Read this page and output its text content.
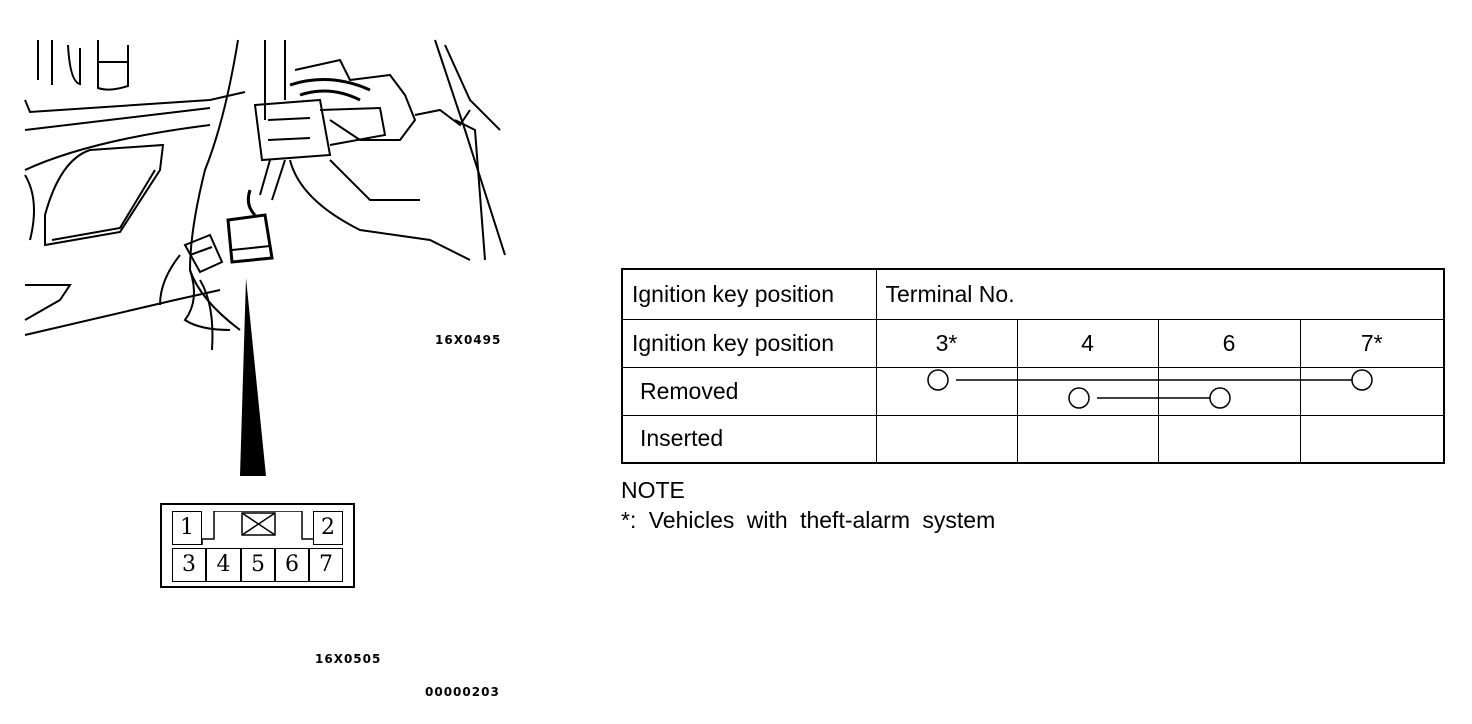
16X0495
16X0505
00000203
1	2
3 4 5 6 7
Ignition key position	Terminal No.			
Ignition key position	3*	4	6	7*
Removed				
Inserted				
NOTE
*: Vehicles with theft-alarm system
